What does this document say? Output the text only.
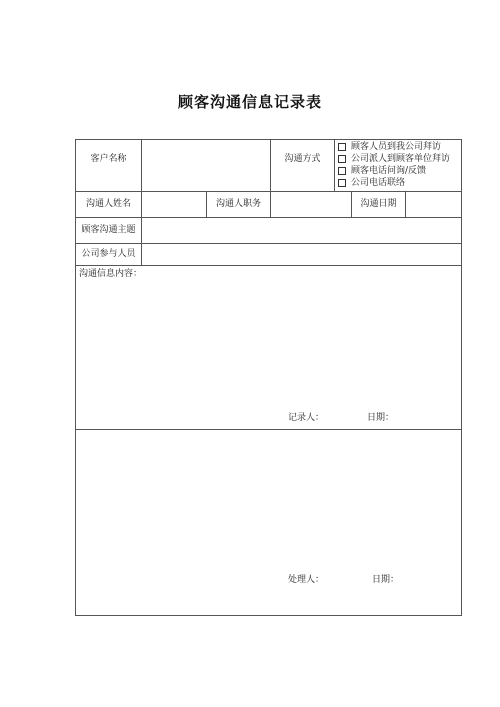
顾客沟通信息记录表
客户名称	沟通方式
顾客人员到我公司拜访
公司派人到顾客单位拜访
顾客电话问询/反馈
公司电话联络
沟通人姓名	沟通人职务	沟通日期
顾客沟通主题
公司参与人员
沟通信息内容：
记录人：	日期：
处理人：	日期：
